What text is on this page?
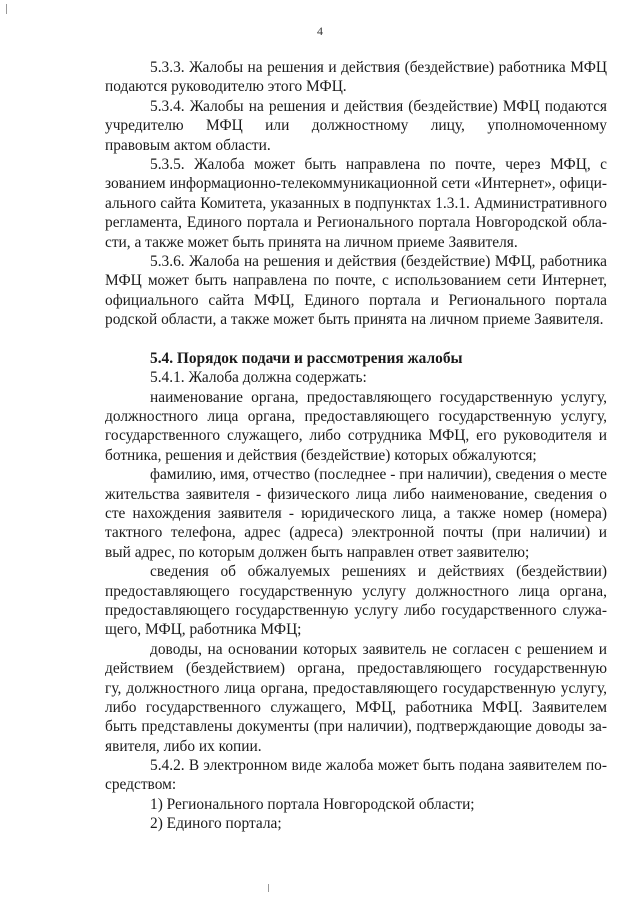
4
5.3.3. Жалобы на решения и действия (бездействие) работника МФЦ
подаются руководителю этого МФЦ.
5.3.4. Жалобы на решения и действия (бездействие) МФЦ подаются
учредителю МФЦ или должностному лицу, уполномоченному
правовым актом области.
5.3.5. Жалоба может быть направлена по почте, через МФЦ, с
зованием информационно-телекоммуникационной сети «Интернет», офици-
ального сайта Комитета, указанных в подпунктах 1.3.1. Административного
регламента, Единого портала и Регионального портала Новгородской обла-
сти, а также может быть принята на личном приеме Заявителя.
5.3.6. Жалоба на решения и действия (бездействие) МФЦ, работника
МФЦ может быть направлена по почте, с использованием сети Интернет,
официального сайта МФЦ, Единого портала и Регионального портала
родской области, а также может быть принята на личном приеме Заявителя.
5.4. Порядок подачи и рассмотрения жалобы
5.4.1. Жалоба должна содержать:
наименование органа, предоставляющего государственную услугу,
должностного лица органа, предоставляющего государственную услугу,
государственного служащего, либо сотрудника МФЦ, его руководителя и
ботника, решения и действия (бездействие) которых обжалуются;
фамилию, имя, отчество (последнее - при наличии), сведения о месте
жительства заявителя - физического лица либо наименование, сведения о
сте нахождения заявителя - юридического лица, а также номер (номера)
тактного телефона, адрес (адреса) электронной почты (при наличии) и
вый адрес, по которым должен быть направлен ответ заявителю;
сведения об обжалуемых решениях и действиях (бездействии)
предоставляющего государственную услугу должностного лица органа,
предоставляющего государственную услугу либо государственного служа-
щего, МФЦ, работника МФЦ;
доводы, на основании которых заявитель не согласен с решением и
действием (бездействием) органа, предоставляющего государственную
гу, должностного лица органа, предоставляющего государственную услугу,
либо государственного служащего, МФЦ, работника МФЦ. Заявителем
быть представлены документы (при наличии), подтверждающие доводы за-
явителя, либо их копии.
5.4.2. В электронном виде жалоба может быть подана заявителем по-
средством:
1) Регионального портала Новгородской области;
2) Единого портала;
